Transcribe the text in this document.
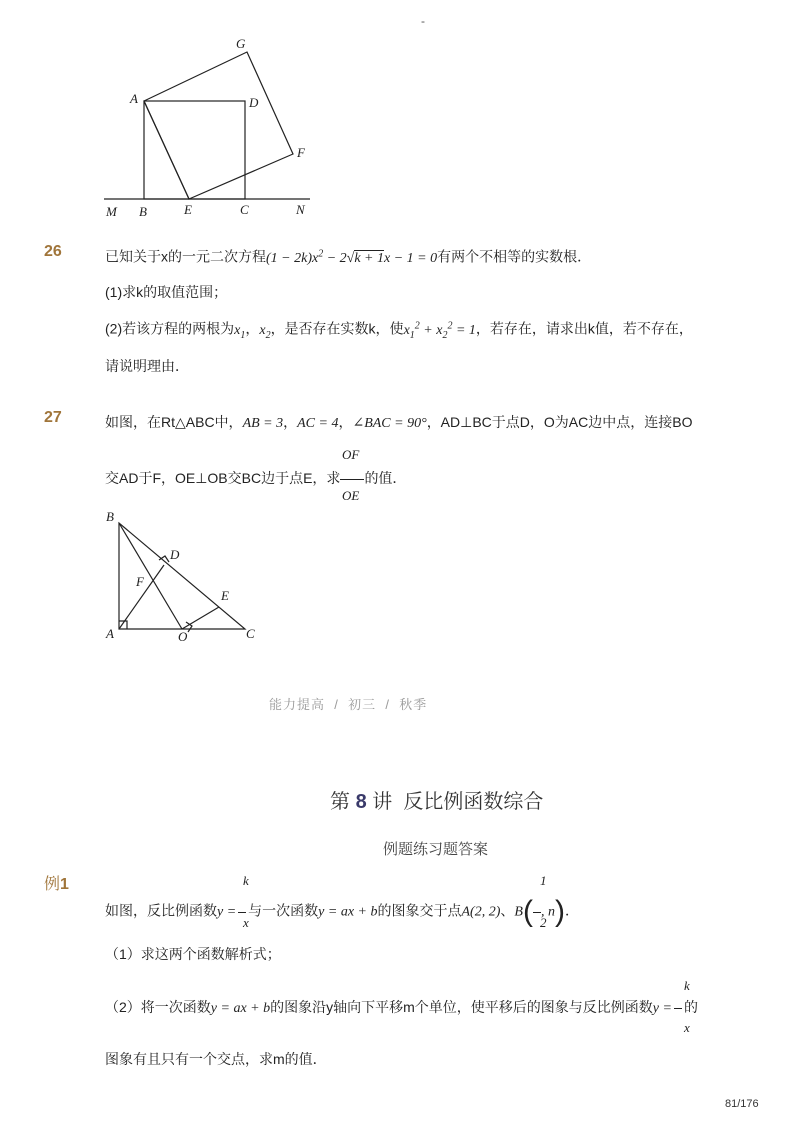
-
A
G
D
F
M B	E	C	N
26	已知关于x的一元二次方程$(1 - 2k)x^2 - 2√k + 1x - 1 = 0$有两个不相等的实数根．
(1)求k的取值范围；
(2)若该方程的两根为$x_1$，$x_2$，是否存在实数k，使$x_1^2 + x_2^2 = 1$，若存在，请求出k值，若不存在，
请说明理由．
27	如图，在Rt△ABC中，AB = 3，AC = 4，∠BAC = 90°，AD⊥BC于点D，O为AC边中点，连接BO
OF
交AD于F，OE⊥OB交BC边于点E，求 的值．
OE
B
D
F
E
A	O	C
能力提高 / 初三 / 秋季
第 8 讲 反比例函数综合
例题练习题答案
例1	k
x
1
2
如图，反比例函数y = 与一次函数y = ax + b的图象交于点A(2, 2)、B( , n)．
（1）求这两个函数解析式；
k
x
（2）将一次函数y = ax + b的图象沿y轴向下平移m个单位，使平移后的图象与反比例函数y = 的
图象有且只有一个交点，求m的值．
81/176
